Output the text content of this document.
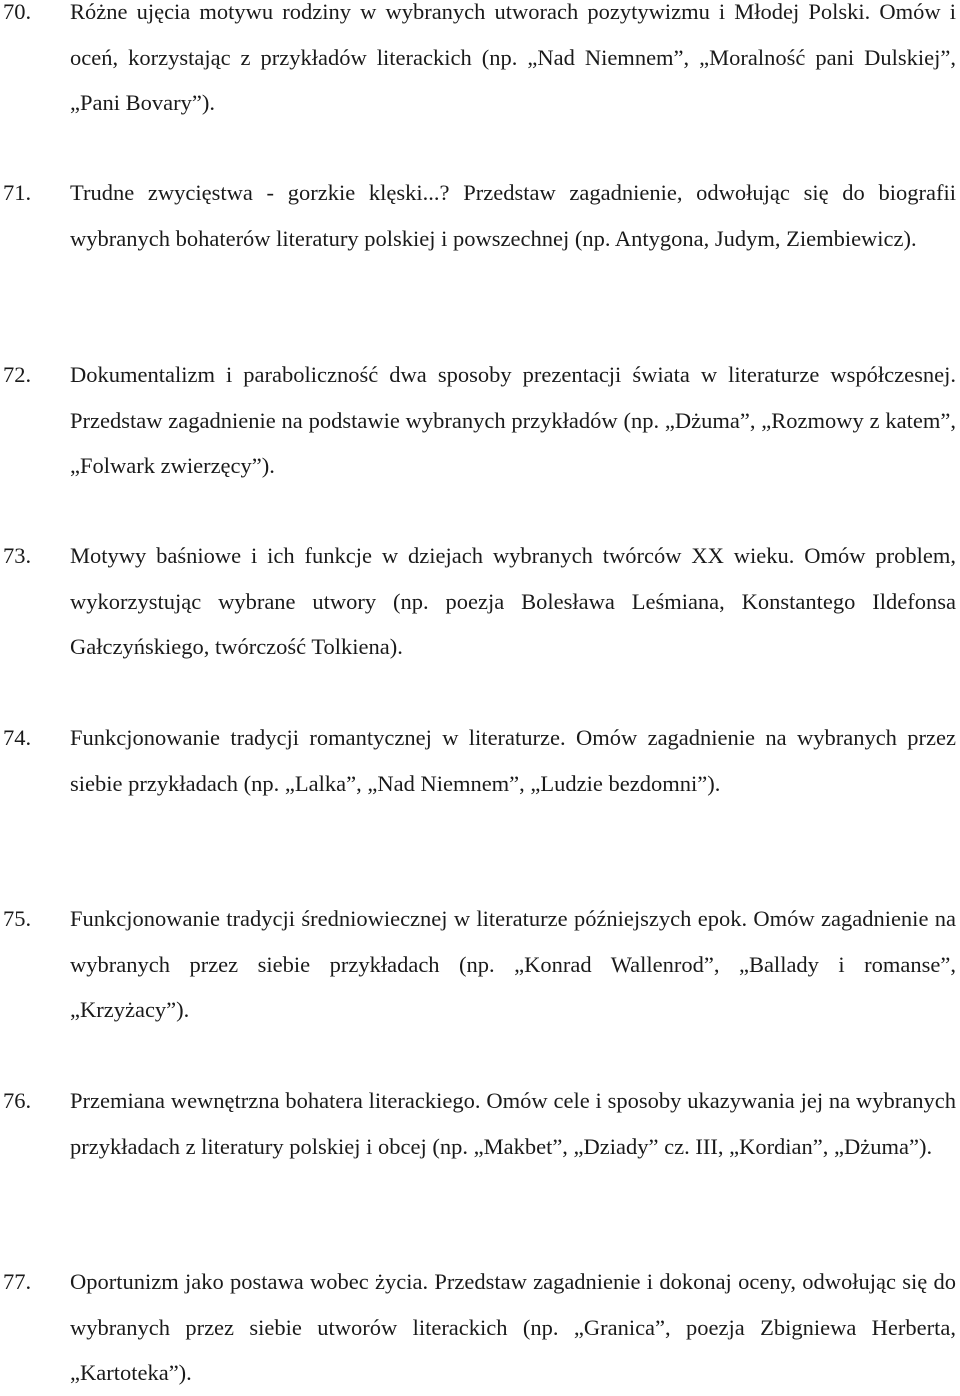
70.	Różne ujęcia motywu rodziny w wybranych utworach pozytywizmu i Młodej Polski. Omów i oceń, korzystając z przykładów literackich (np. „Nad Niemnem”, „Moralność pani Dulskiej”, „Pani Bovary”).
71.	Trudne zwycięstwa - gorzkie klęski...? Przedstaw zagadnienie, odwołując się do biografii wybranych bohaterów literatury polskiej i powszechnej (np. Antygona, Judym, Ziembiewicz).
72.	Dokumentalizm i paraboliczność dwa sposoby prezentacji świata w literaturze współczesnej. Przedstaw zagadnienie na podstawie wybranych przykładów (np. „Dżuma”, „Rozmowy z katem”, „Folwark zwierzęcy”).
73.	Motywy baśniowe i ich funkcje w dziejach wybranych twórców XX wieku. Omów problem, wykorzystując wybrane utwory (np. poezja Bolesława Leśmiana, Konstantego Ildefonsa Gałczyńskiego, twórczość Tolkiena).
74.	Funkcjonowanie tradycji romantycznej w literaturze. Omów zagadnienie na wybranych przez siebie przykładach (np. „Lalka”, „Nad Niemnem”, „Ludzie bezdomni”).
75.	Funkcjonowanie tradycji średniowiecznej w literaturze późniejszych epok. Omów zagadnienie na wybranych przez siebie przykładach (np. „Konrad Wallenrod”, „Ballady i romanse”, „Krzyżacy”).
76.	Przemiana wewnętrzna bohatera literackiego. Omów cele i sposoby ukazywania jej na wybranych przykładach z literatury polskiej i obcej (np. „Makbet”, „Dziady” cz. III, „Kordian”, „Dżuma”).
77.	Oportunizm jako postawa wobec życia. Przedstaw zagadnienie i dokonaj oceny, odwołując się do wybranych przez siebie utworów literackich (np. „Granica”, poezja Zbigniewa Herberta, „Kartoteka”).
